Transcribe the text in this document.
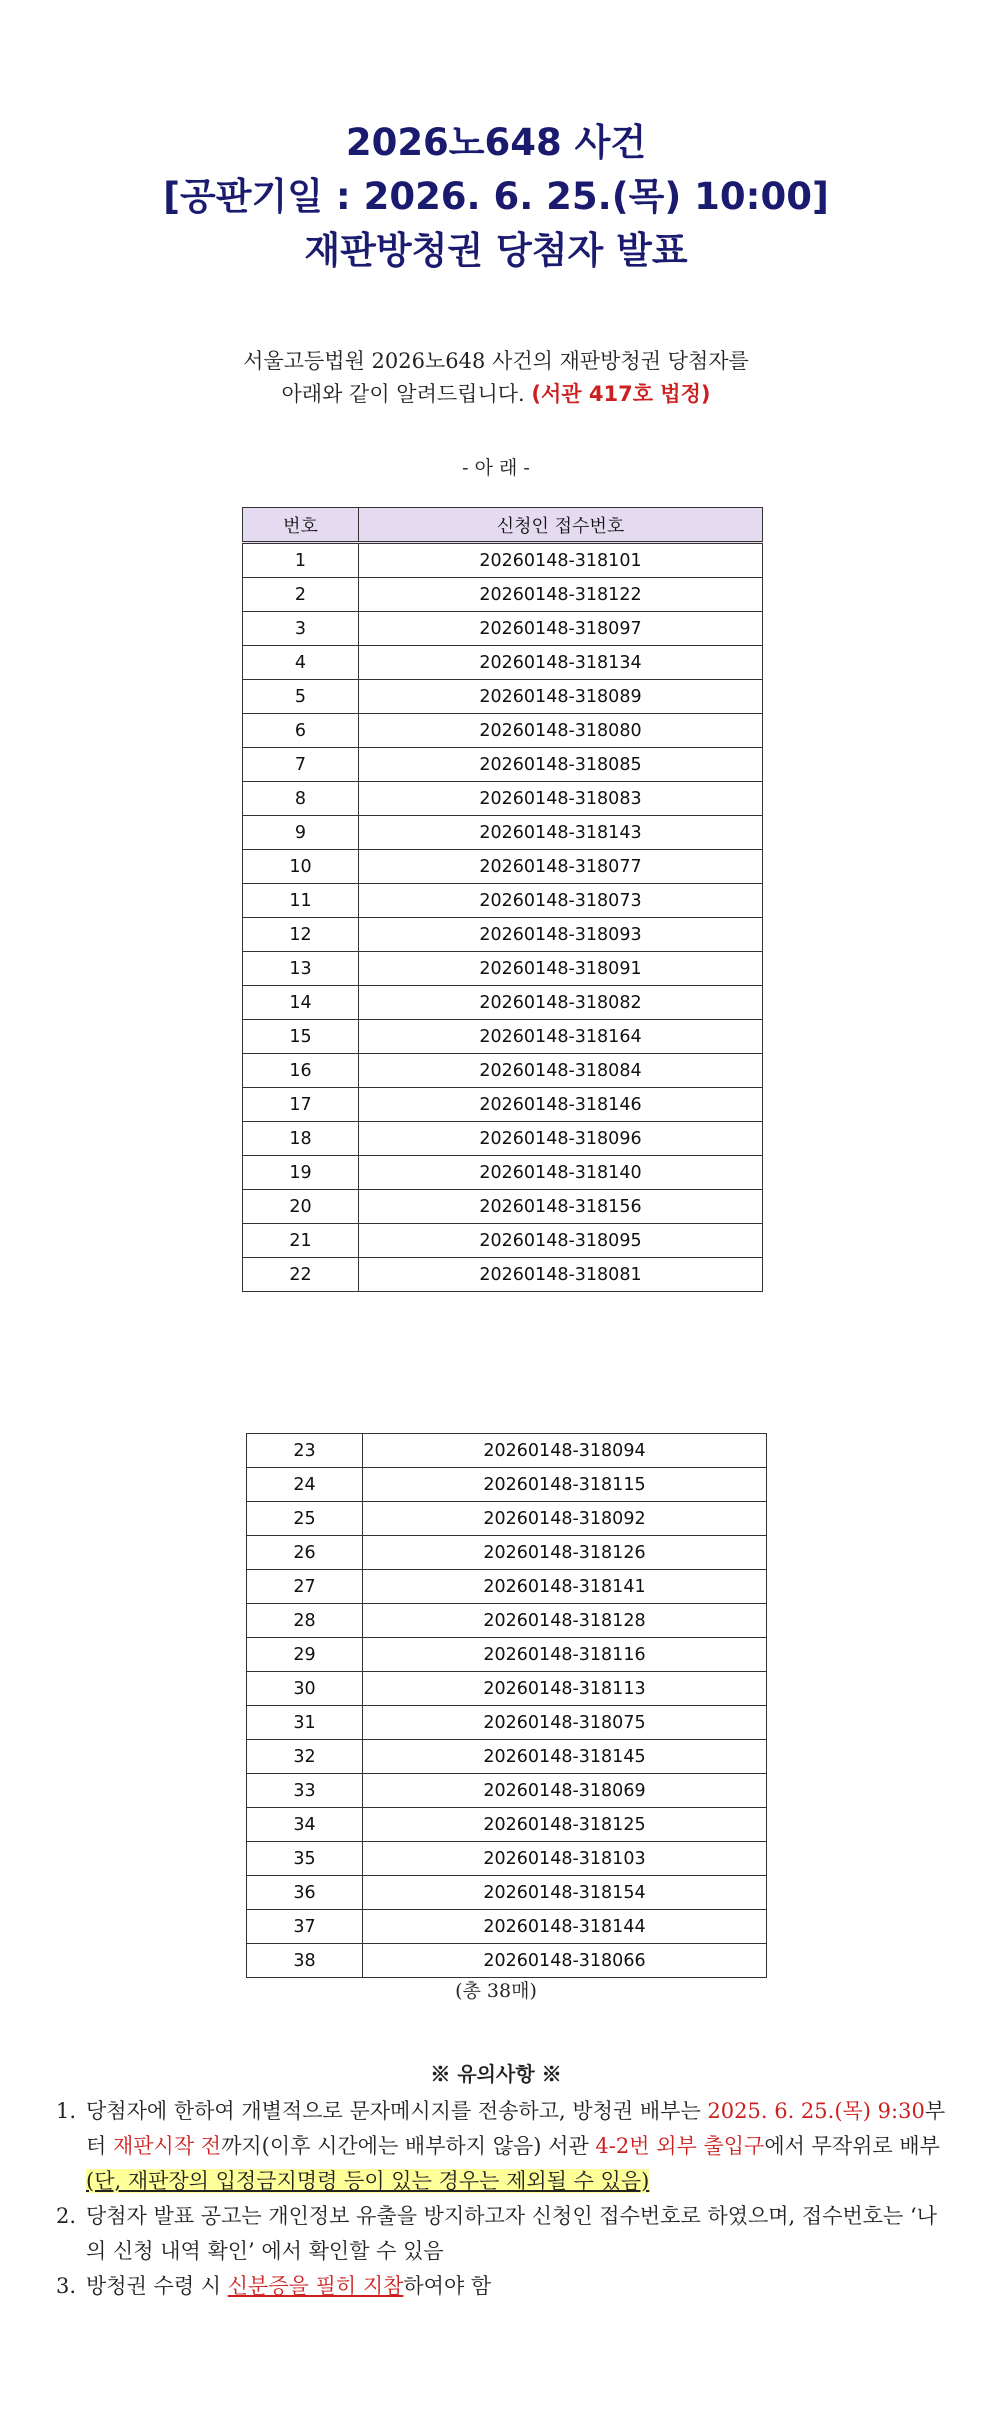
2026노648 사건
[공판기일 : 2026. 6. 25.(목) 10:00]
재판방청권 당첨자 발표
서울고등법원 2026노648 사건의 재판방청권 당첨자를
아래와 같이 알려드립니다. (서관 417호 법정)
- 아 래 -
번호	신청인 접수번호
1	20260148-318101
2	20260148-318122
3	20260148-318097
4	20260148-318134
5	20260148-318089
6	20260148-318080
7	20260148-318085
8	20260148-318083
9	20260148-318143
10	20260148-318077
11	20260148-318073
12	20260148-318093
13	20260148-318091
14	20260148-318082
15	20260148-318164
16	20260148-318084
17	20260148-318146
18	20260148-318096
19	20260148-318140
20	20260148-318156
21	20260148-318095
22	20260148-318081
23	20260148-318094
24	20260148-318115
25	20260148-318092
26	20260148-318126
27	20260148-318141
28	20260148-318128
29	20260148-318116
30	20260148-318113
31	20260148-318075
32	20260148-318145
33	20260148-318069
34	20260148-318125
35	20260148-318103
36	20260148-318154
37	20260148-318144
38	20260148-318066
(총 38매)
※ 유의사항 ※
1. 당첨자에 한하여 개별적으로 문자메시지를 전송하고, 방청권 배부는 2025. 6. 25.(목) 9:30부터 재판시작 전까지(이후 시간에는 배부하지 않음) 서관 4-2번 외부 출입구에서 무작위로 배부 (단, 재판장의 입정금지명령 등이 있는 경우는 제외될 수 있음)
2. 당첨자 발표 공고는 개인정보 유출을 방지하고자 신청인 접수번호로 하였으며, 접수번호는 ‘나의 신청 내역 확인’ 에서 확인할 수 있음
3. 방청권 수령 시 신분증을 필히 지참하여야 함
